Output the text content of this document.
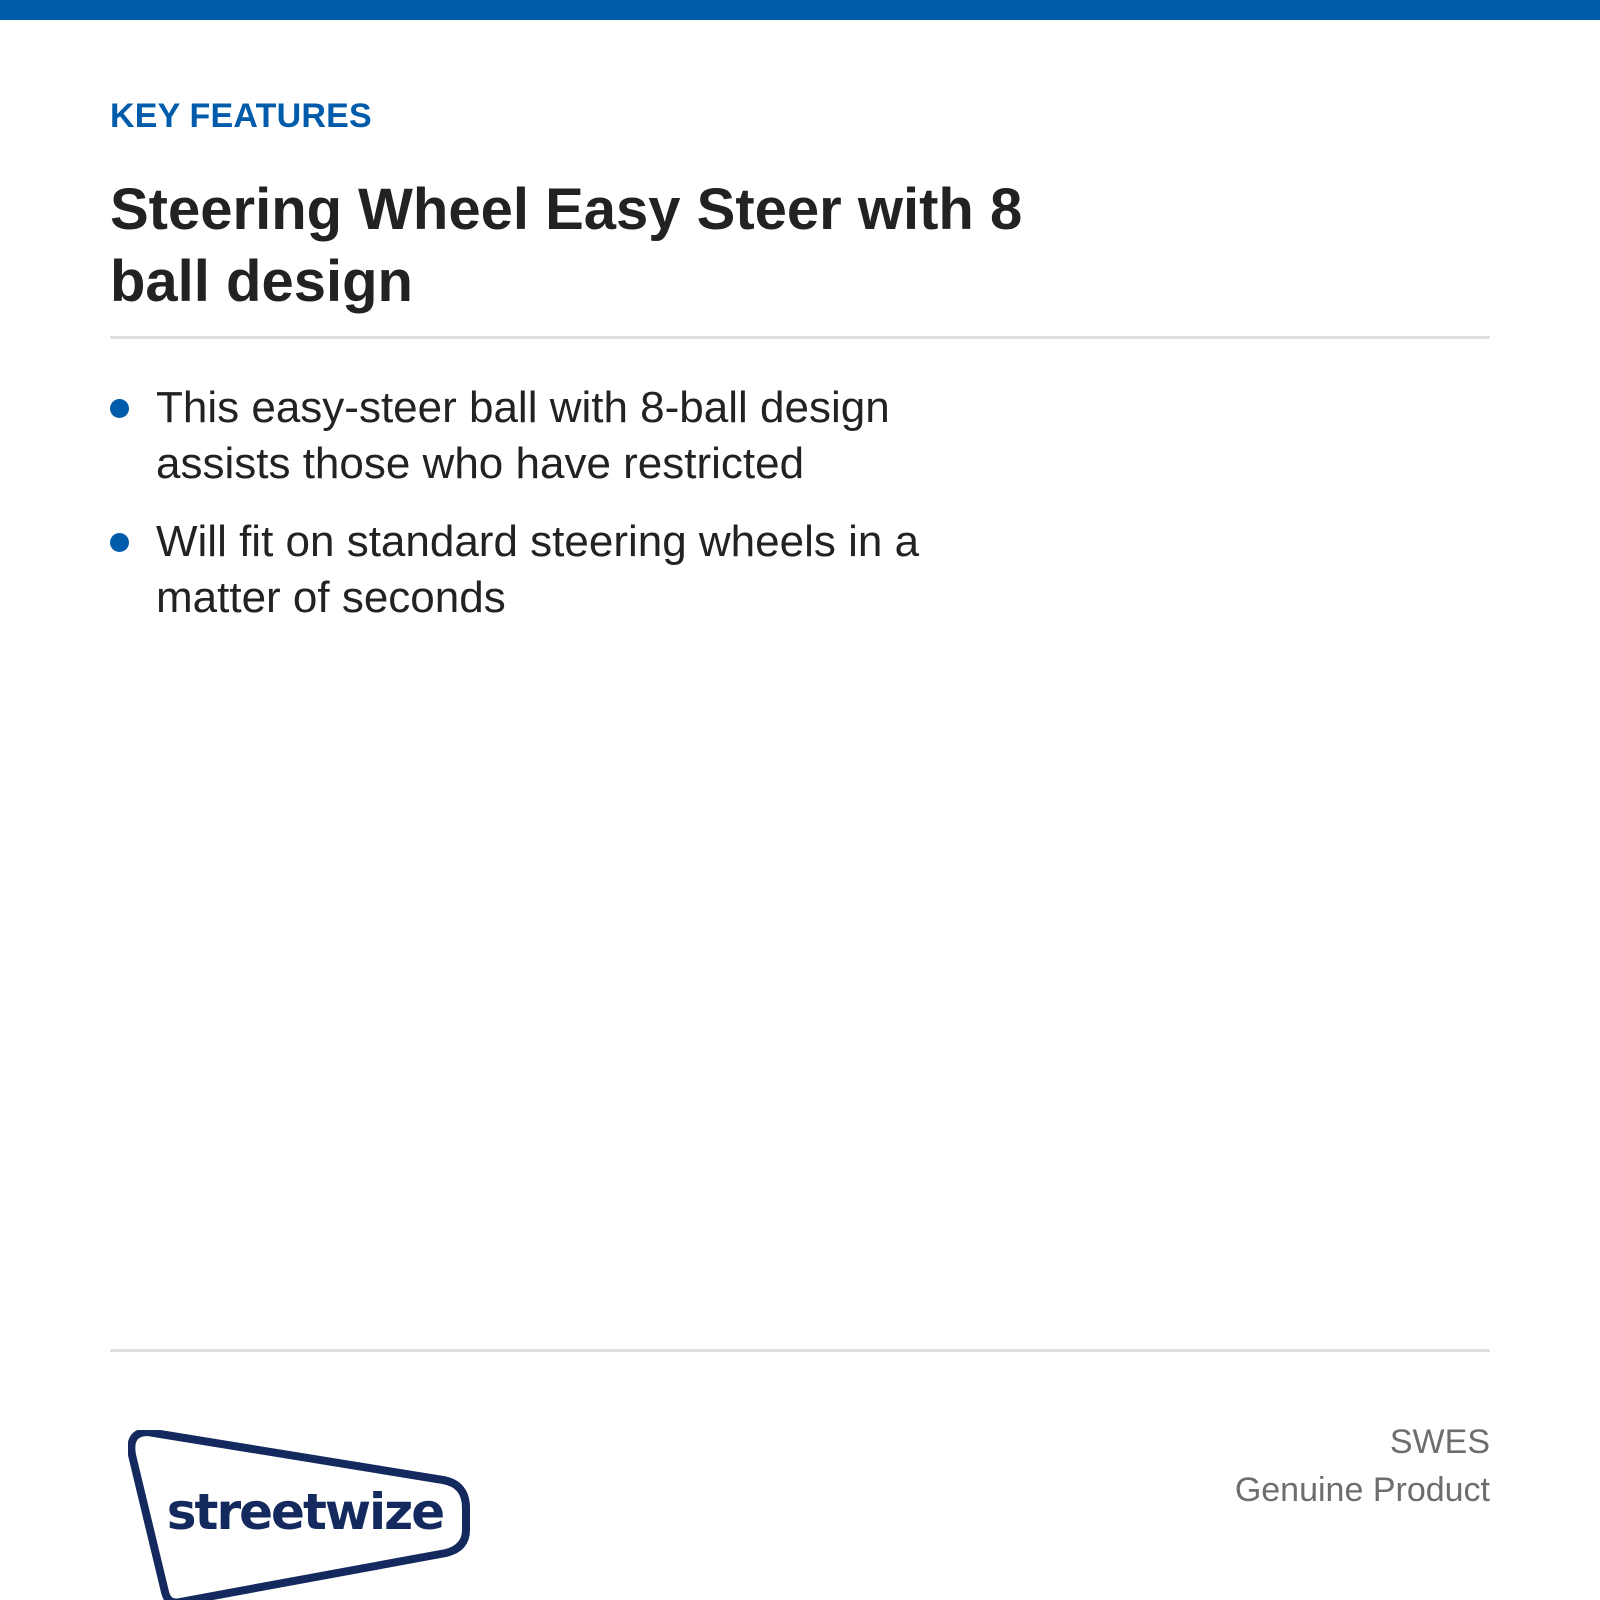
KEY FEATURES
Steering Wheel Easy Steer with 8 ball design
This easy-steer ball with 8-ball design assists those who have restricted
Will fit on standard steering wheels in a matter of seconds
streetwize
SWES
Genuine Product
